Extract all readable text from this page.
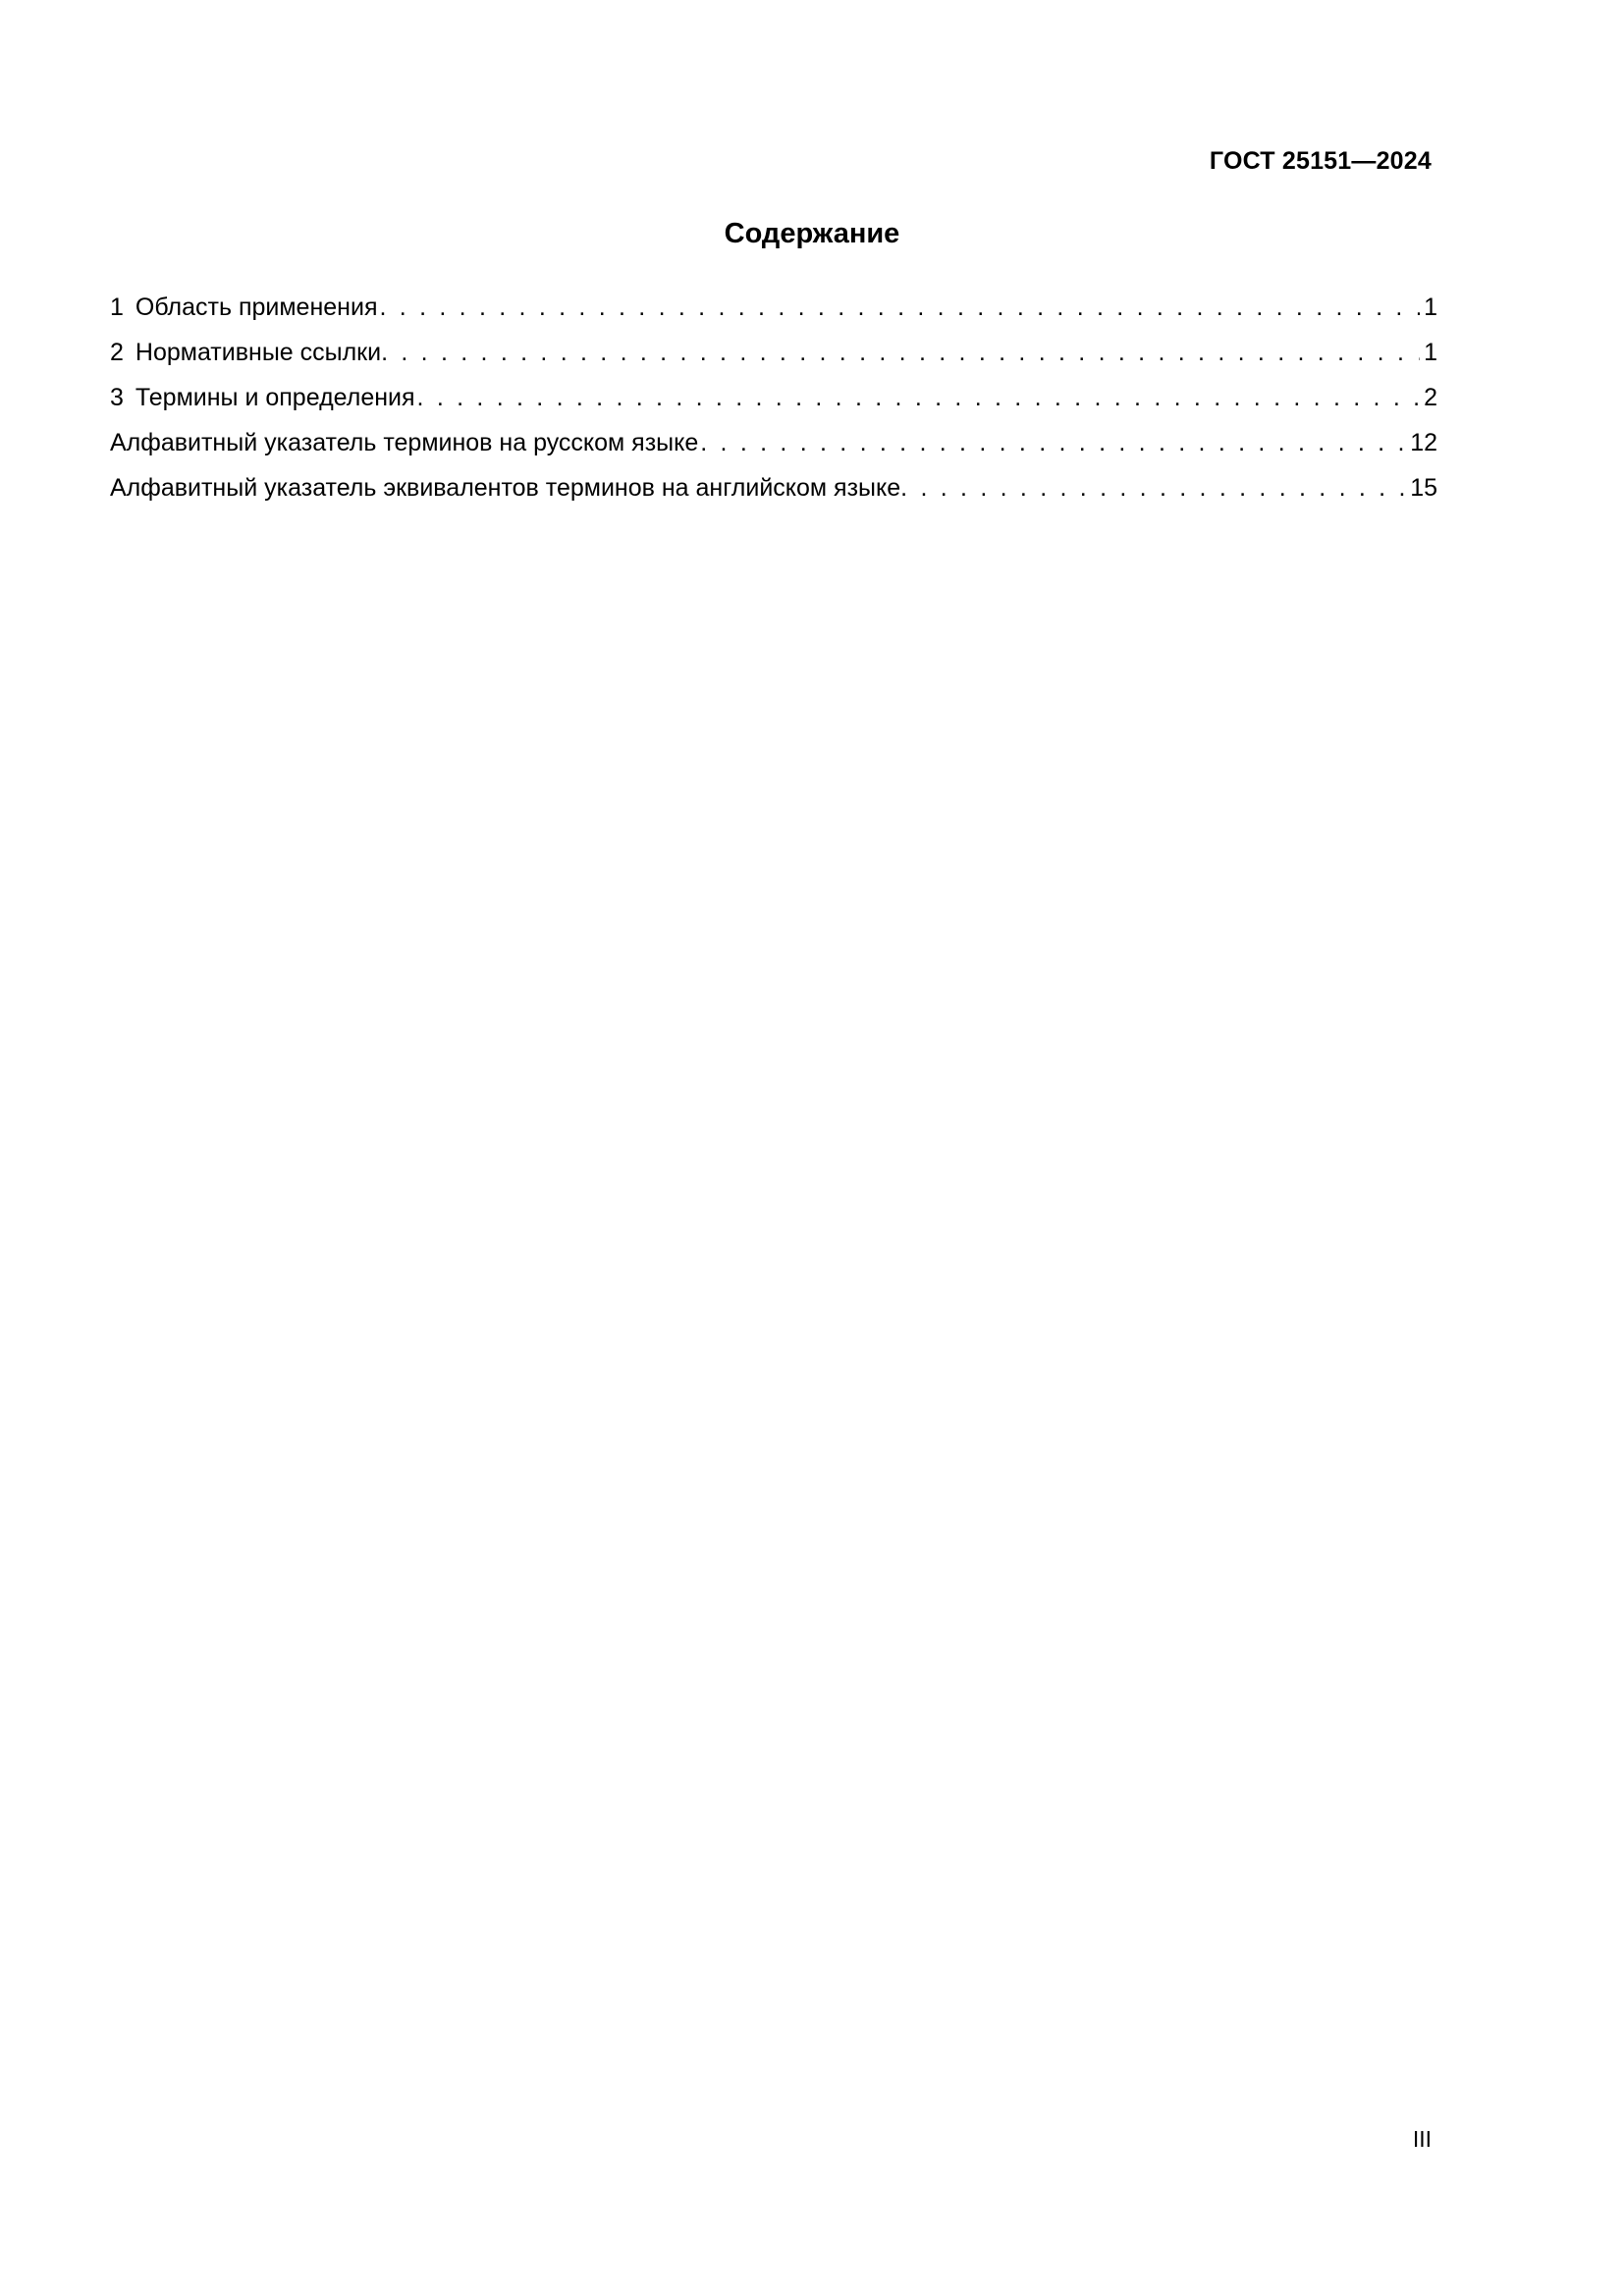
ГОСТ 25151—2024
Содержание
1 Область применения . . .	1
2 Нормативные ссылки . . .	1
3 Термины и определения . . .	2
Алфавитный указатель терминов на русском языке . . .	12
Алфавитный указатель эквивалентов терминов на английском языке . . .	15
III
